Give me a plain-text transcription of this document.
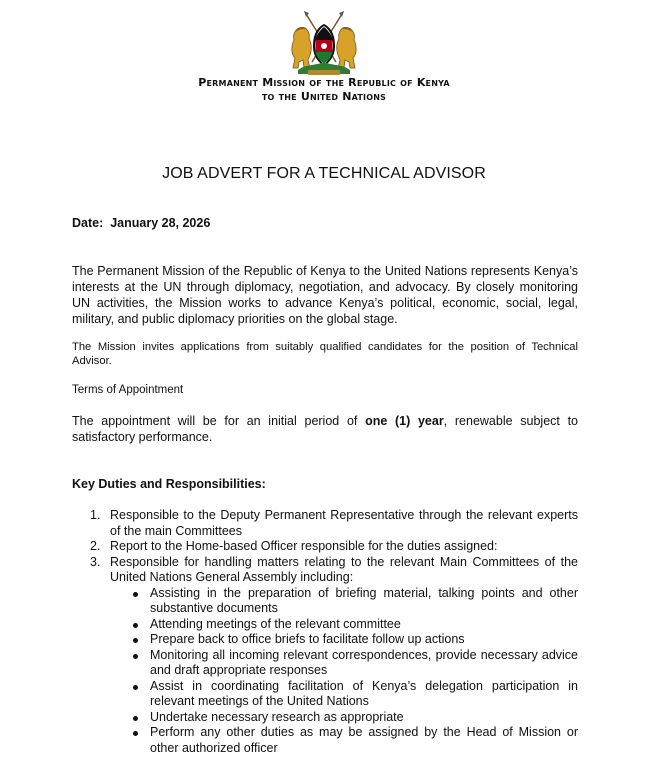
Permanent Mission of the Republic of Kenya
to the United Nations
JOB ADVERT FOR A TECHNICAL ADVISOR
Date: January 28, 2026
The Permanent Mission of the Republic of Kenya to the United Nations represents Kenya’s interests at the UN through diplomacy, negotiation, and advocacy. By closely monitoring UN activities, the Mission works to advance Kenya’s political, economic, social, legal, military, and public diplomacy priorities on the global stage.
The Mission invites applications from suitably qualified candidates for the position of Technical Advisor.
Terms of Appointment
The appointment will be for an initial period of one (1) year, renewable subject to satisfactory performance.
Key Duties and Responsibilities:
1. Responsible to the Deputy Permanent Representative through the relevant experts of the main Committees
2. Report to the Home-based Officer responsible for the duties assigned:
3. Responsible for handling matters relating to the relevant Main Committees of the United Nations General Assembly including:
Assisting in the preparation of briefing material, talking points and other substantive documents
Attending meetings of the relevant committee
Prepare back to office briefs to facilitate follow up actions
Monitoring all incoming relevant correspondences, provide necessary advice and draft appropriate responses
Assist in coordinating facilitation of Kenya’s delegation participation in relevant meetings of the United Nations
Undertake necessary research as appropriate
Perform any other duties as may be assigned by the Head of Mission or other authorized officer
